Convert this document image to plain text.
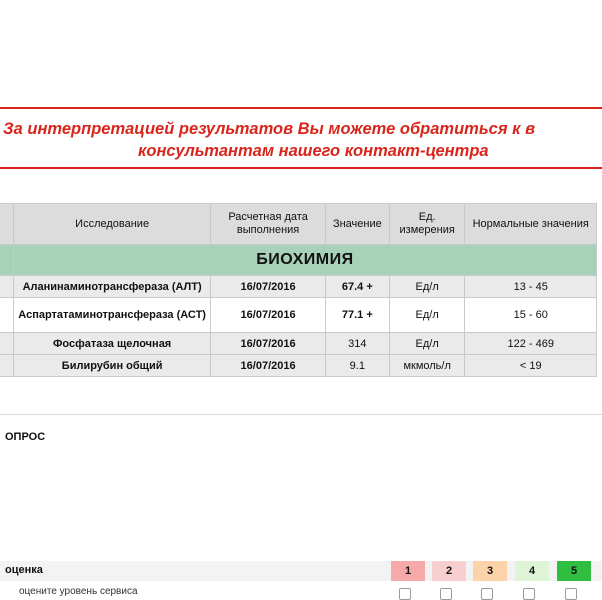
За интерпретацией результатов Вы можете обратиться к в
консультантам нашего контакт-центра
	Исследование	Расчетная дата выполнения	Значение	Ед. измерения	Нормальные значения
	БИОХИМИЯ				
	Аланинаминотрансфераза (АЛТ)	16/07/2016	67.4 +	Ед/л	13 - 45
	Аспартатаминотрансфераза (АСТ)	16/07/2016	77.1 +	Ед/л	15 - 60
	Фосфатаза щелочная	16/07/2016	314	Ед/л	122 - 469
	Билирубин общий	16/07/2016	9.1	мкмоль/л	< 19
ОПРОС
оценка	1	2	3	4	5
оцените уровень сервиса
